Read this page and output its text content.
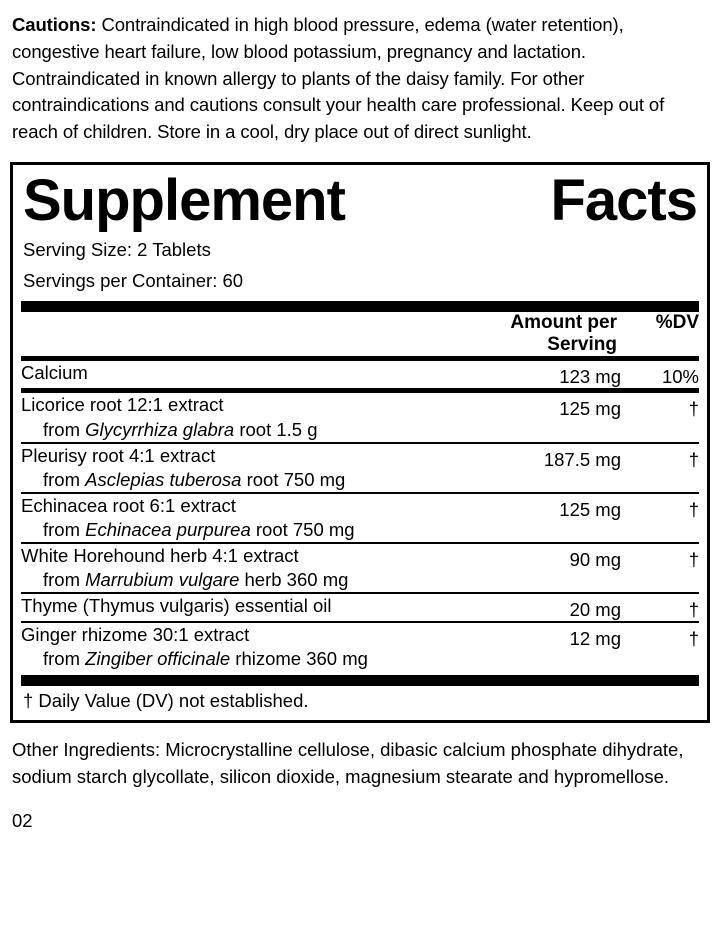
Cautions: Contraindicated in high blood pressure, edema (water retention), congestive heart failure, low blood potassium, pregnancy and lactation. Contraindicated in known allergy to plants of the daisy family. For other contraindications and cautions consult your health care professional. Keep out of reach of children. Store in a cool, dry place out of direct sunlight.

Supplement	Facts
Serving Size: 2 Tablets
Servings per Container: 60
	Amount per Serving	%DV
Calcium	123 mg	10%
Licorice root 12:1 extract
from Glycyrrhiza glabra root 1.5 g	125 mg	†

Pleurisy root 4:1 extract
from Asclepias tuberosa root 750 mg	187.5 mg	†

Echinacea root 6:1 extract
from Echinacea purpurea root 750 mg	125 mg	†

White Horehound herb 4:1 extract
from Marrubium vulgare herb 360 mg	90 mg	†

Thyme (Thymus vulgaris) essential oil	20 mg	†

Ginger rhizome 30:1 extract
from Zingiber officinale rhizome 360 mg	12 mg	†
† Daily Value (DV) not established.

Other Ingredients: Microcrystalline cellulose, dibasic calcium phosphate dihydrate, sodium starch glycollate, silicon dioxide, magnesium stearate and hypromellose.

02
